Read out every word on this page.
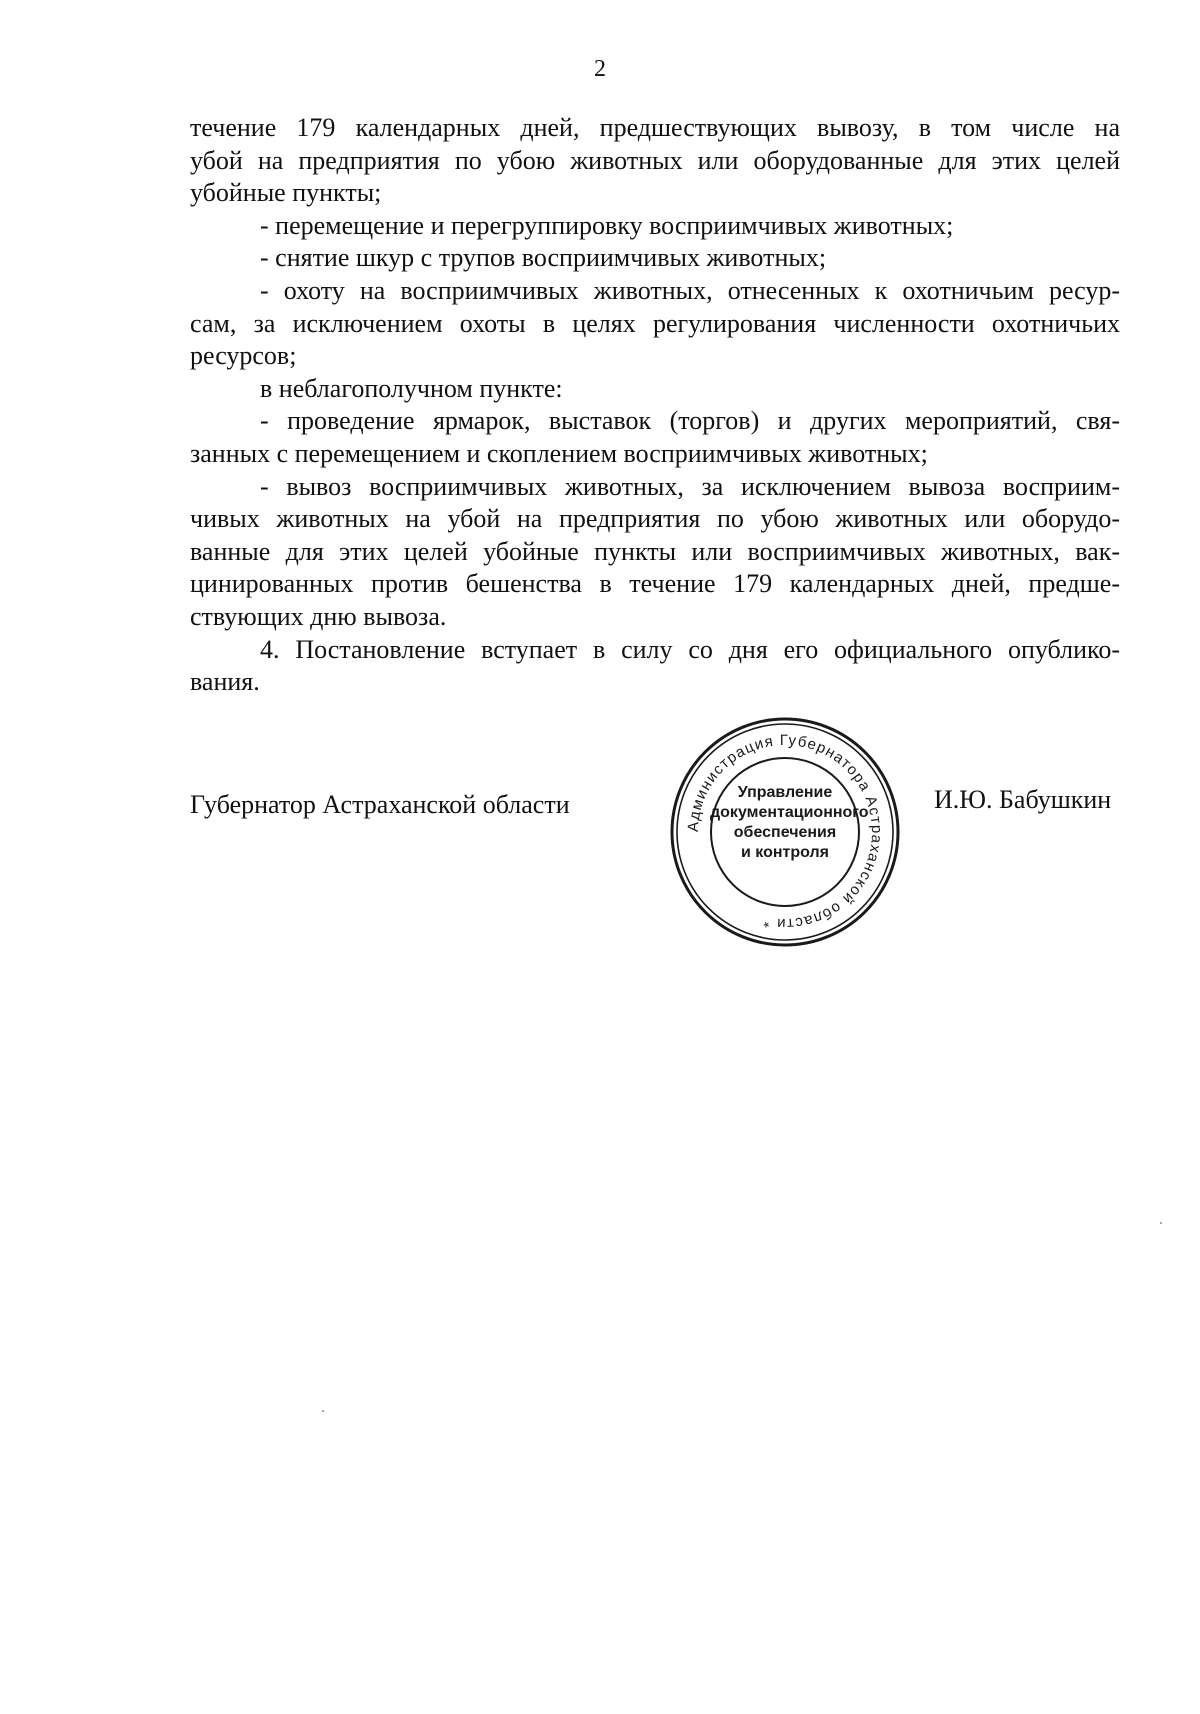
2
течение 179 календарных дней, предшествующих вывозу, в том числе на
убой на предприятия по убою животных или оборудованные для этих целей
убойные пункты;
- перемещение и перегруппировку восприимчивых животных;
- снятие шкур с трупов восприимчивых животных;
- охоту на восприимчивых животных, отнесенных к охотничьим ресур-
сам, за исключением охоты в целях регулирования численности охотничьих
ресурсов;
в неблагополучном пункте:
- проведение ярмарок, выставок (торгов) и других мероприятий, свя-
занных с перемещением и скоплением восприимчивых животных;
- вывоз восприимчивых животных, за исключением вывоза восприим-
чивых животных на убой на предприятия по убою животных или оборудо-
ванные для этих целей убойные пункты или восприимчивых животных, вак-
цинированных против бешенства в течение 179 календарных дней, предше-
ствующих дню вывоза.
4. Постановление вступает в силу со дня его официального опублико-
вания.
Губернатор Астраханской области	И.Ю. Бабушкин
Администрация Губернатора Астраханской области *
Управление
документационного
обеспечения
и контроля
